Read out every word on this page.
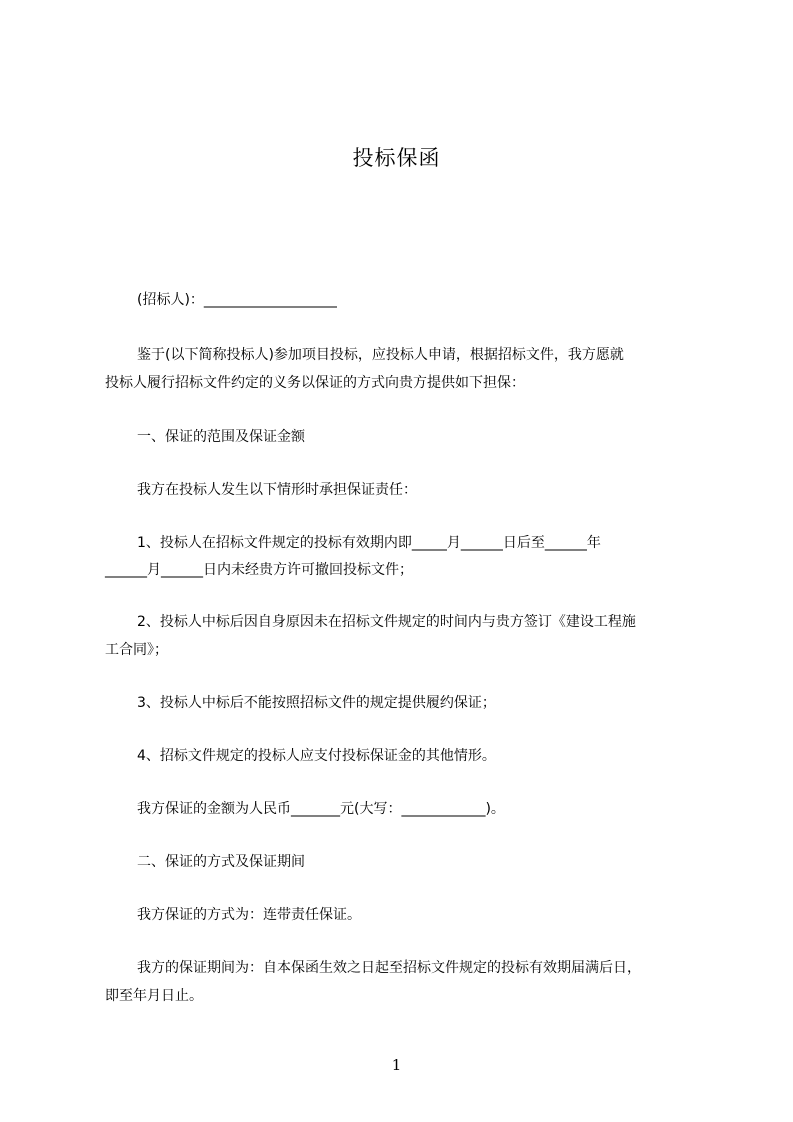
投标保函
(招标人)：___________________
鉴于(以下简称投标人)参加项目投标，应投标人申请，根据招标文件，我方愿就
投标人履行招标文件约定的义务以保证的方式向贵方提供如下担保：
一、保证的范围及保证金额
我方在投标人发生以下情形时承担保证责任：
1、投标人在招标文件规定的投标有效期内即_____月______日后至______年
______月______日内未经贵方许可撤回投标文件；
2、投标人中标后因自身原因未在招标文件规定的时间内与贵方签订《建设工程施
工合同》；
3、投标人中标后不能按照招标文件的规定提供履约保证；
4、招标文件规定的投标人应支付投标保证金的其他情形。
我方保证的金额为人民币_______元(大写：____________)。
二、保证的方式及保证期间
我方保证的方式为：连带责任保证。
我方的保证期间为：自本保函生效之日起至招标文件规定的投标有效期届满后日，
即至年月日止。
1
